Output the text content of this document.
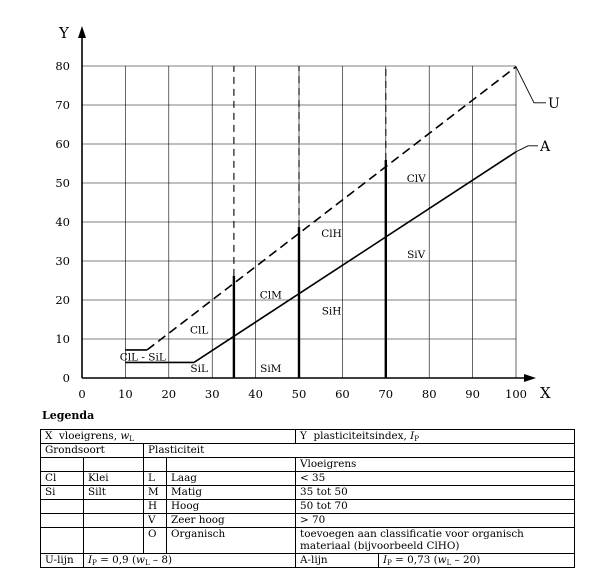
X
Y
0	10	20	30	40	50	60	70	80	90 100
0
10
20
30
40
50
60
70
80
U
A
ClL - SiL
ClL
SiL
ClM
SiM
ClH
SiH
ClV
SiV
Legenda
X vloeigrens, wL				Y plasticiteitsindex, IP	
Grondsoort		Plasticiteit			
				Vloeigrens	
Cl	Klei	L	Laag	< 35	
Si	Silt	M	Matig	35 tot 50	
		H	Hoog	50 tot 70	
		V	Zeer hoog	> 70	
		O	Organisch	toevoegen aan classificatie voor organisch materiaal (bijvoorbeeld ClHO)	
U-lijn	IP = 0,9 (wL – 8)			A-lijn	IP = 0,73 (wL – 20)
